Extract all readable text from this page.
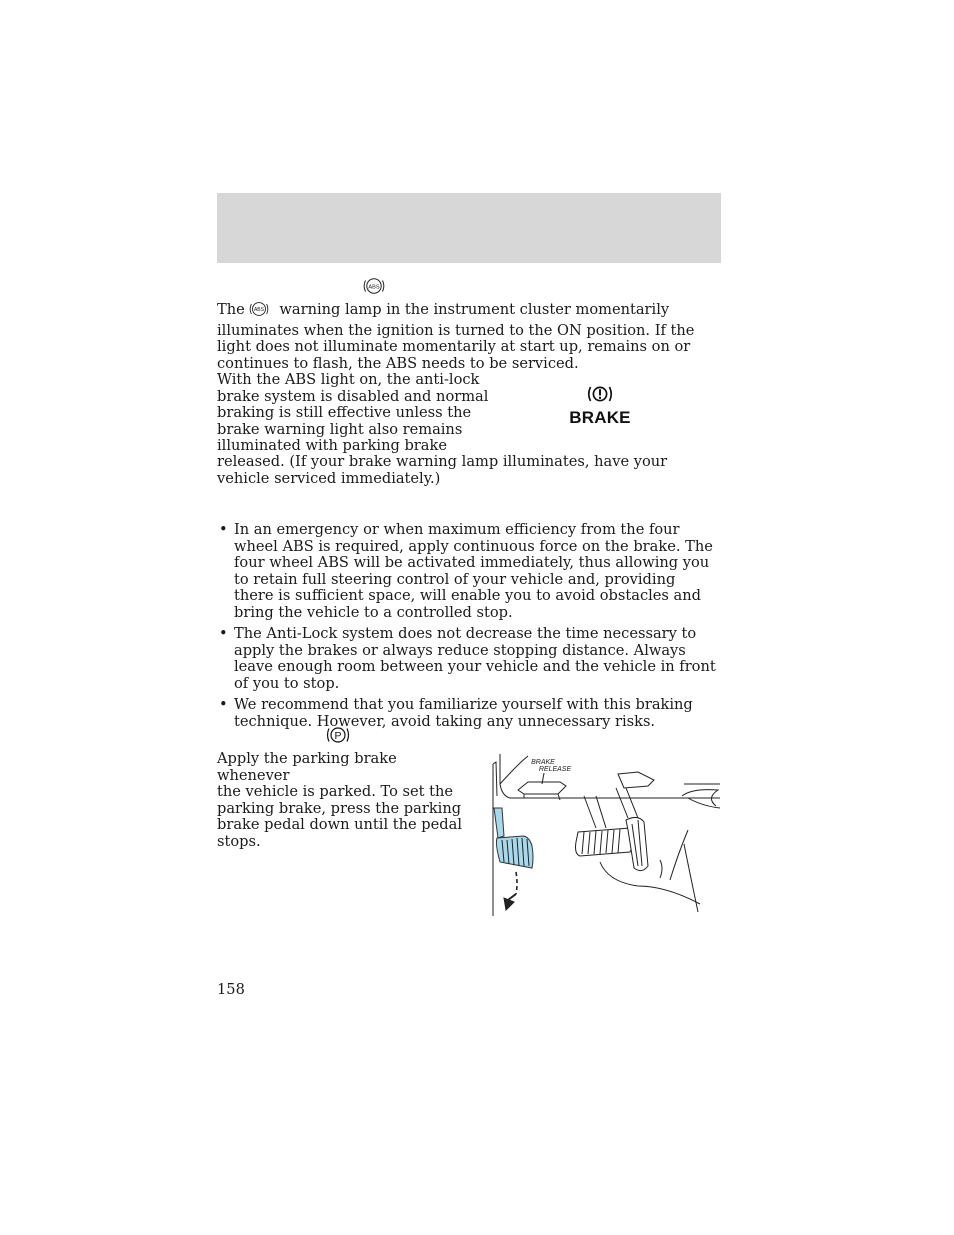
ABS

The ABS warning lamp in the instrument cluster momentarily illuminates when the ignition is turned to the ON position. If the light does not illuminate momentarily at start up, remains on or continues to flash, the ABS needs to be serviced.

With the ABS light on, the anti-lock
brake system is disabled and normal
braking is still effective unless the
brake warning light also remains
illuminated with parking brake
released. (If your brake warning lamp illuminates, have your vehicle serviced immediately.)
BRAKE
• In an emergency or when maximum efficiency from the four wheel ABS is required, apply continuous force on the brake. The four wheel ABS will be activated immediately, thus allowing you to retain full steering control of your vehicle and, providing there is sufficient space, will enable you to avoid obstacles and bring the vehicle to a controlled stop.
• The Anti-Lock system does not decrease the time necessary to apply the brakes or always reduce stopping distance. Always leave enough room between your vehicle and the vehicle in front of you to stop.
• We recommend that you familiarize yourself with this braking technique. However, avoid taking any unnecessary risks.
P
Apply the parking brake whenever
the vehicle is parked. To set the
parking brake, press the parking
brake pedal down until the pedal
stops.
BRAKE
RELEASE
158
